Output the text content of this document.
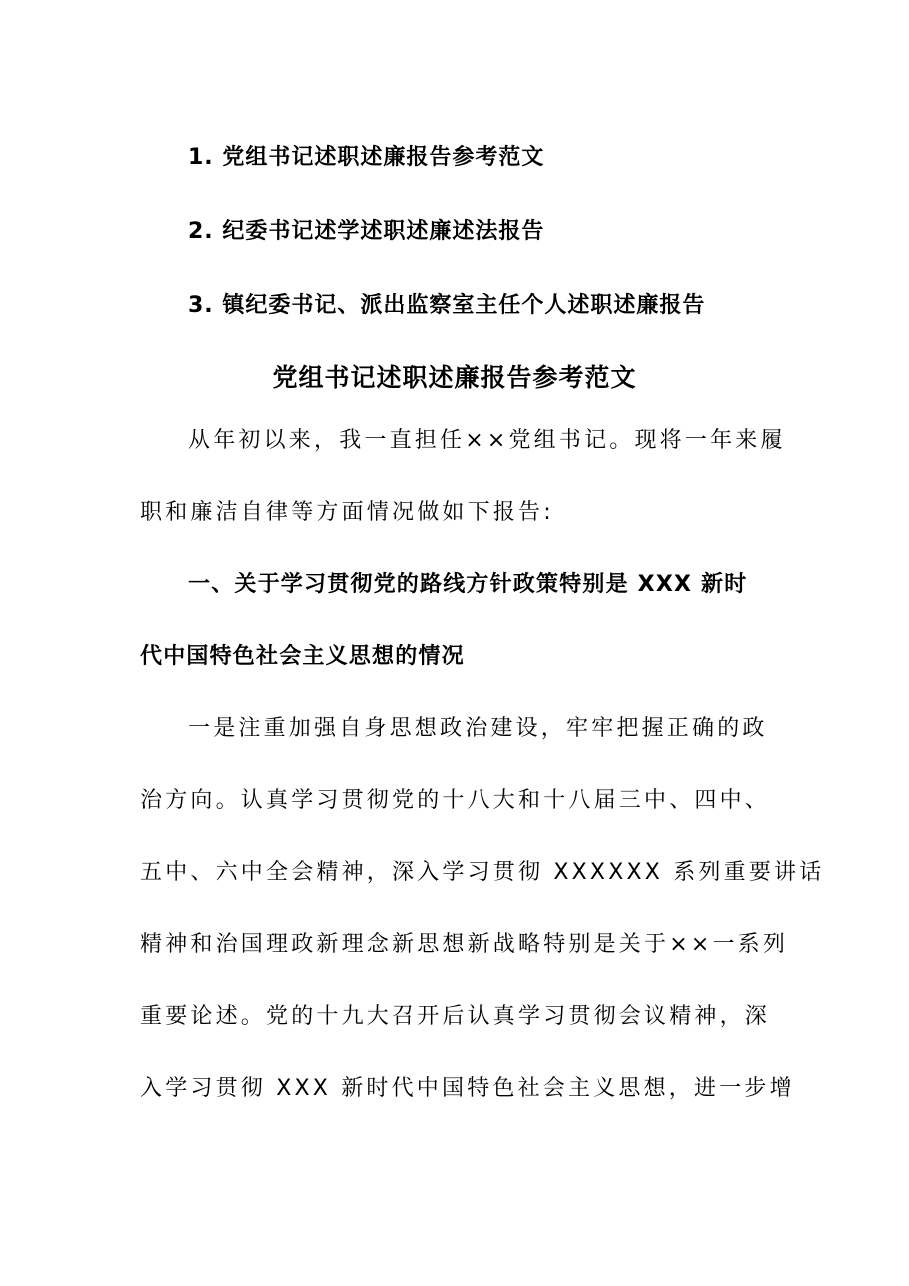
1. 党组书记述职述廉报告参考范文
2. 纪委书记述学述职述廉述法报告
3. 镇纪委书记、派出监察室主任个人述职述廉报告
党组书记述职述廉报告参考范文
从年初以来，我一直担任××党组书记。现将一年来履
职和廉洁自律等方面情况做如下报告:
一、关于学习贯彻党的路线方针政策特别是 XXX 新时
代中国特色社会主义思想的情况
一是注重加强自身思想政治建设，牢牢把握正确的政
治方向。认真学习贯彻党的十八大和十八届三中、四中、
五中、六中全会精神，深入学习贯彻 XXXXXX 系列重要讲话
精神和治国理政新理念新思想新战略特别是关于××一系列
重要论述。党的十九大召开后认真学习贯彻会议精神，深
入学习贯彻 XXX 新时代中国特色社会主义思想，进一步增
